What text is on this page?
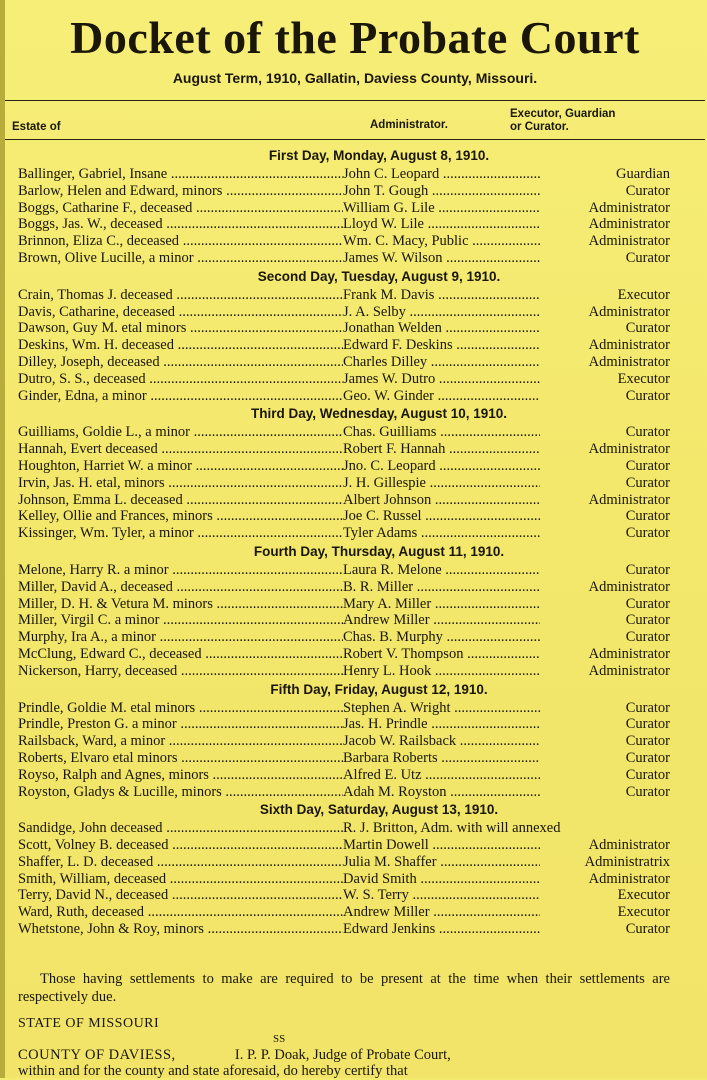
Docket of the Probate Court
August Term, 1910, Gallatin, Daviess County, Missouri.
Estate of	Administrator.
Executor, Guardian
or Curator.
First Day, Monday, August 8, 1910.
Ballinger, Gabriel, Insane .....	John C. Leopard .....	Guardian
Barlow, Helen and Edward, minors .....	John T. Gough .....	Curator
Boggs, Catharine F., deceased .....	William G. Lile .....	Administrator
Boggs, Jas. W., deceased .....	Lloyd W. Lile .....	Administrator
Brinnon, Eliza C., deceased .....	Wm. C. Macy, Public .....	Administrator
Brown, Olive Lucille, a minor .....	James W. Wilson .....	Curator
Second Day, Tuesday, August 9, 1910.
Crain, Thomas J. deceased .....	Frank M. Davis .....	Executor
Davis, Catharine, deceased .....	J. A. Selby .....	Administrator
Dawson, Guy M. etal minors .....	Jonathan Welden .....	Curator
Deskins, Wm. H. deceased .....	Edward F. Deskins .....	Administrator
Dilley, Joseph, deceased .....	Charles Dilley .....	Administrator
Dutro, S. S., deceased .....	James W. Dutro .....	Executor
Ginder, Edna, a minor .....	Geo. W. Ginder .....	Curator
Third Day, Wednesday, August 10, 1910.
Guilliams, Goldie L., a minor .....	Chas. Guilliams .....	Curator
Hannah, Evert deceased .....	Robert F. Hannah .....	Administrator
Houghton, Harriet W. a minor .....	Jno. C. Leopard .....	Curator
Irvin, Jas. H. etal, minors .....	J. H. Gillespie .....	Curator
Johnson, Emma L. deceased .....	Albert Johnson .....	Administrator
Kelley, Ollie and Frances, minors .....	Joe C. Russel .....	Curator
Kissinger, Wm. Tyler, a minor .....	Tyler Adams .....	Curator
Fourth Day, Thursday, August 11, 1910.
Melone, Harry R. a minor .....	Laura R. Melone .....	Curator
Miller, David A., deceased .....	B. R. Miller .....	Administrator
Miller, D. H. & Vetura M. minors .....	Mary A. Miller .....	Curator
Miller, Virgil C. a minor .....	Andrew Miller .....	Curator
Murphy, Ira A., a minor .....	Chas. B. Murphy .....	Curator
McClung, Edward C., deceased .....	Robert V. Thompson .....	Administrator
Nickerson, Harry, deceased .....	Henry L. Hook .....	Administrator
Fifth Day, Friday, August 12, 1910.
Prindle, Goldie M. etal minors .....	Stephen A. Wright .....	Curator
Prindle, Preston G. a minor .....	Jas. H. Prindle .....	Curator
Railsback, Ward, a minor .....	Jacob W. Railsback .....	Curator
Roberts, Elvaro etal minors .....	Barbara Roberts .....	Curator
Royso, Ralph and Agnes, minors .....	Alfred E. Utz .....	Curator
Royston, Gladys & Lucille, minors .....	Adah M. Royston .....	Curator
Sixth Day, Saturday, August 13, 1910.
Sandidge, John deceased .....	R. J. Britton, Adm. with will annexed
Scott, Volney B. deceased .....	Martin Dowell .....	Administrator
Shaffer, L. D. deceased .....	Julia M. Shaffer .....	Administratrix
Smith, William, deceased .....	David Smith .....	Administrator
Terry, David N., deceased .....	W. S. Terry .....	Executor
Ward, Ruth, deceased .....	Andrew Miller .....	Executor
Whetstone, John & Roy, minors .....	Edward Jenkins .....	Curator
Those having settlements to make are required to be present at the time when their settlements are respectively due.
STATE OF MISSOURI
SS
COUNTY OF DAVIESS,	I. P. P. Doak, Judge of Probate Court,
within and for the county and state aforesaid, do hereby certify that
